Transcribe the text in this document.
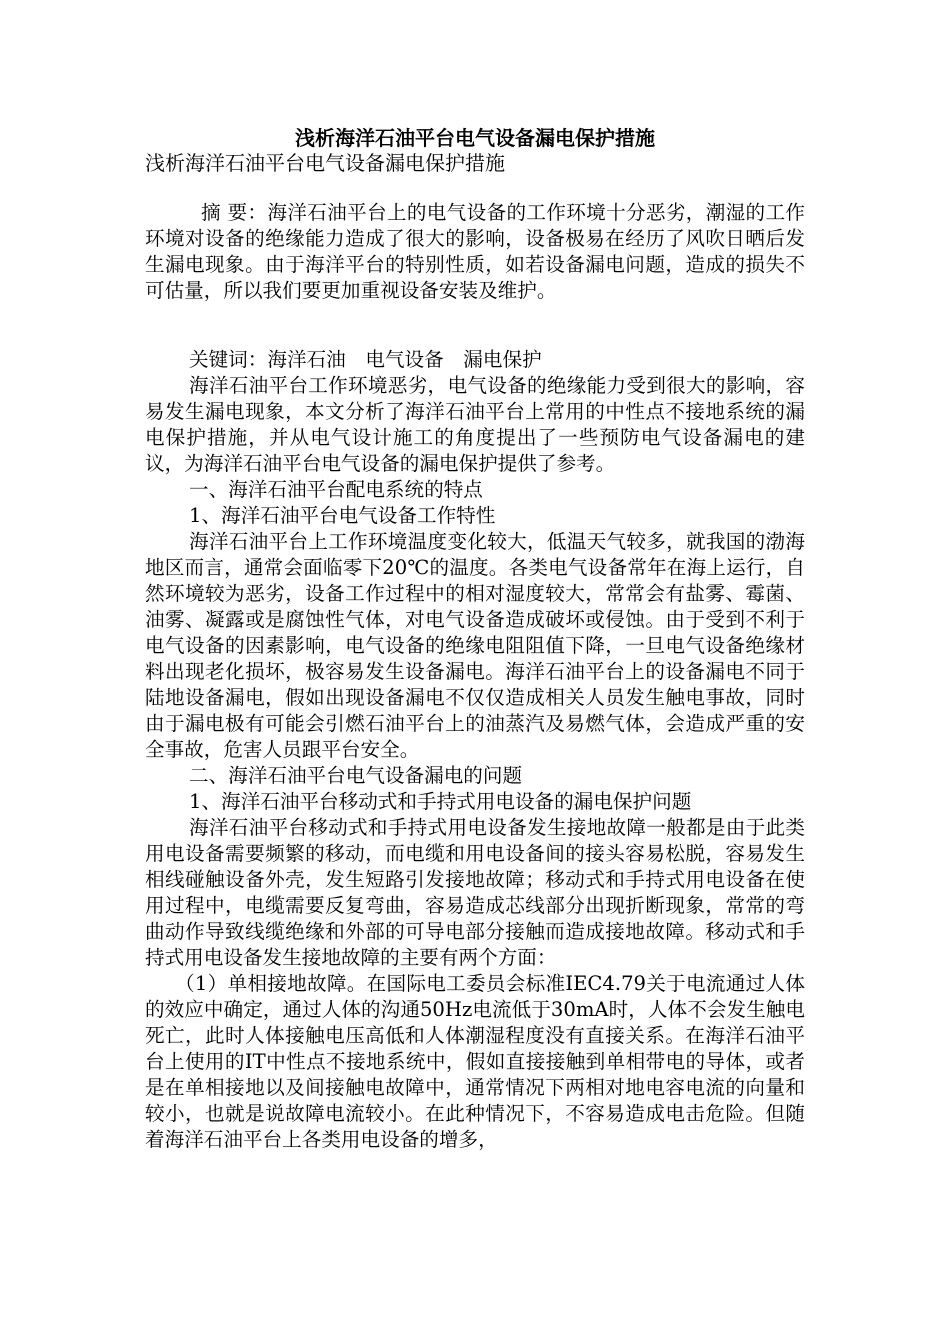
浅析海洋石油平台电气设备漏电保护措施

浅析海洋石油平台电气设备漏电保护措施

摘 要：海洋石油平台上的电气设备的工作环境十分恶劣，潮湿的工作环境对设备的绝缘能力造成了很大的影响，设备极易在经历了风吹日晒后发生漏电现象。由于海洋平台的特别性质，如若设备漏电问题，造成的损失不可估量，所以我们要更加重视设备安装及维护。

关键词：海洋石油　电气设备　漏电保护

海洋石油平台工作环境恶劣，电气设备的绝缘能力受到很大的影响，容易发生漏电现象，本文分析了海洋石油平台上常用的中性点不接地系统的漏电保护措施，并从电气设计施工的角度提出了一些预防电气设备漏电的建议，为海洋石油平台电气设备的漏电保护提供了参考。

一、海洋石油平台配电系统的特点

1、海洋石油平台电气设备工作特性

海洋石油平台上工作环境温度变化较大，低温天气较多，就我国的渤海地区而言，通常会面临零下20℃的温度。各类电气设备常年在海上运行，自然环境较为恶劣，设备工作过程中的相对湿度较大，常常会有盐雾、霉菌、油雾、凝露或是腐蚀性气体，对电气设备造成破坏或侵蚀。由于受到不利于电气设备的因素影响，电气设备的绝缘电阻阻值下降，一旦电气设备绝缘材料出现老化损坏，极容易发生设备漏电。海洋石油平台上的设备漏电不同于陆地设备漏电，假如出现设备漏电不仅仅造成相关人员发生触电事故，同时由于漏电极有可能会引燃石油平台上的油蒸汽及易燃气体，会造成严重的安全事故，危害人员跟平台安全。

二、海洋石油平台电气设备漏电的问题

1、海洋石油平台移动式和手持式用电设备的漏电保护问题

海洋石油平台移动式和手持式用电设备发生接地故障一般都是由于此类用电设备需要频繁的移动，而电缆和用电设备间的接头容易松脱，容易发生相线碰触设备外壳，发生短路引发接地故障；移动式和手持式用电设备在使用过程中，电缆需要反复弯曲，容易造成芯线部分出现折断现象，常常的弯曲动作导致线缆绝缘和外部的可导电部分接触而造成接地故障。移动式和手持式用电设备发生接地故障的主要有两个方面：

（1）单相接地故障。在国际电工委员会标准IEC4.79关于电流通过人体的效应中确定，通过人体的沟通50Hz电流低于30mA时，人体不会发生触电死亡，此时人体接触电压高低和人体潮湿程度没有直接关系。在海洋石油平台上使用的IT中性点不接地系统中，假如直接接触到单相带电的导体，或者是在单相接地以及间接触电故障中，通常情况下两相对地电容电流的向量和较小，也就是说故障电流较小。在此种情况下，不容易造成电击危险。但随着海洋石油平台上各类用电设备的增多，
